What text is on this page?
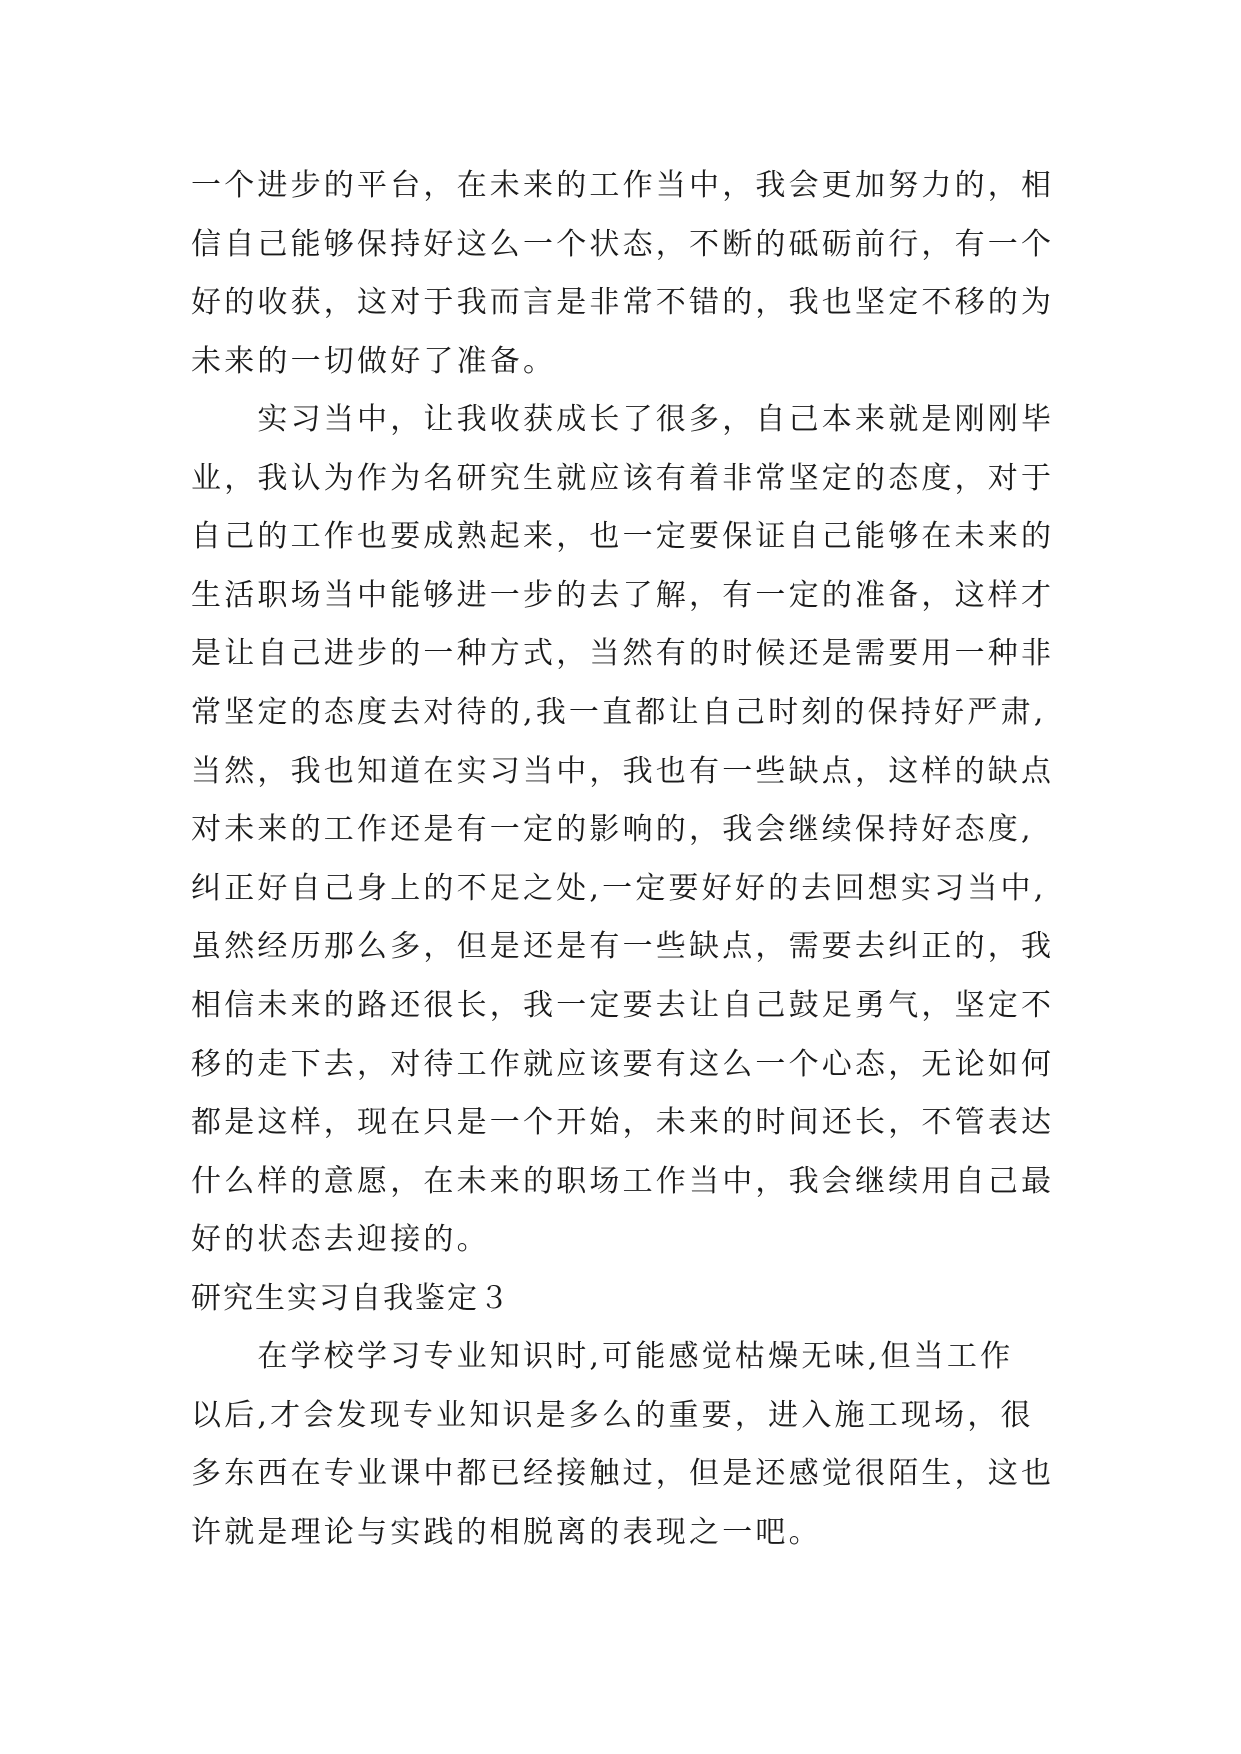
一个进步的平台，在未来的工作当中，我会更加努力的，相
信自己能够保持好这么一个状态，不断的砥砺前行，有一个
好的收获，这对于我而言是非常不错的，我也坚定不移的为
未来的一切做好了准备。
　　实习当中，让我收获成长了很多，自己本来就是刚刚毕
业，我认为作为名研究生就应该有着非常坚定的态度，对于
自己的工作也要成熟起来，也一定要保证自己能够在未来的
生活职场当中能够进一步的去了解，有一定的准备，这样才
是让自己进步的一种方式，当然有的时候还是需要用一种非
常坚定的态度去对待的,我一直都让自己时刻的保持好严肃,
当然，我也知道在实习当中，我也有一些缺点，这样的缺点
对未来的工作还是有一定的影响的，我会继续保持好态度,
纠正好自己身上的不足之处,一定要好好的去回想实习当中,
虽然经历那么多，但是还是有一些缺点，需要去纠正的，我
相信未来的路还很长，我一定要去让自己鼓足勇气，坚定不
移的走下去，对待工作就应该要有这么一个心态，无论如何
都是这样，现在只是一个开始，未来的时间还长，不管表达
什么样的意愿，在未来的职场工作当中，我会继续用自己最
好的状态去迎接的。
研究生实习自我鉴定３
　　在学校学习专业知识时,可能感觉枯燥无味,但当工作
以后,才会发现专业知识是多么的重要，进入施工现场，很
多东西在专业课中都已经接触过，但是还感觉很陌生，这也
许就是理论与实践的相脱离的表现之一吧。
